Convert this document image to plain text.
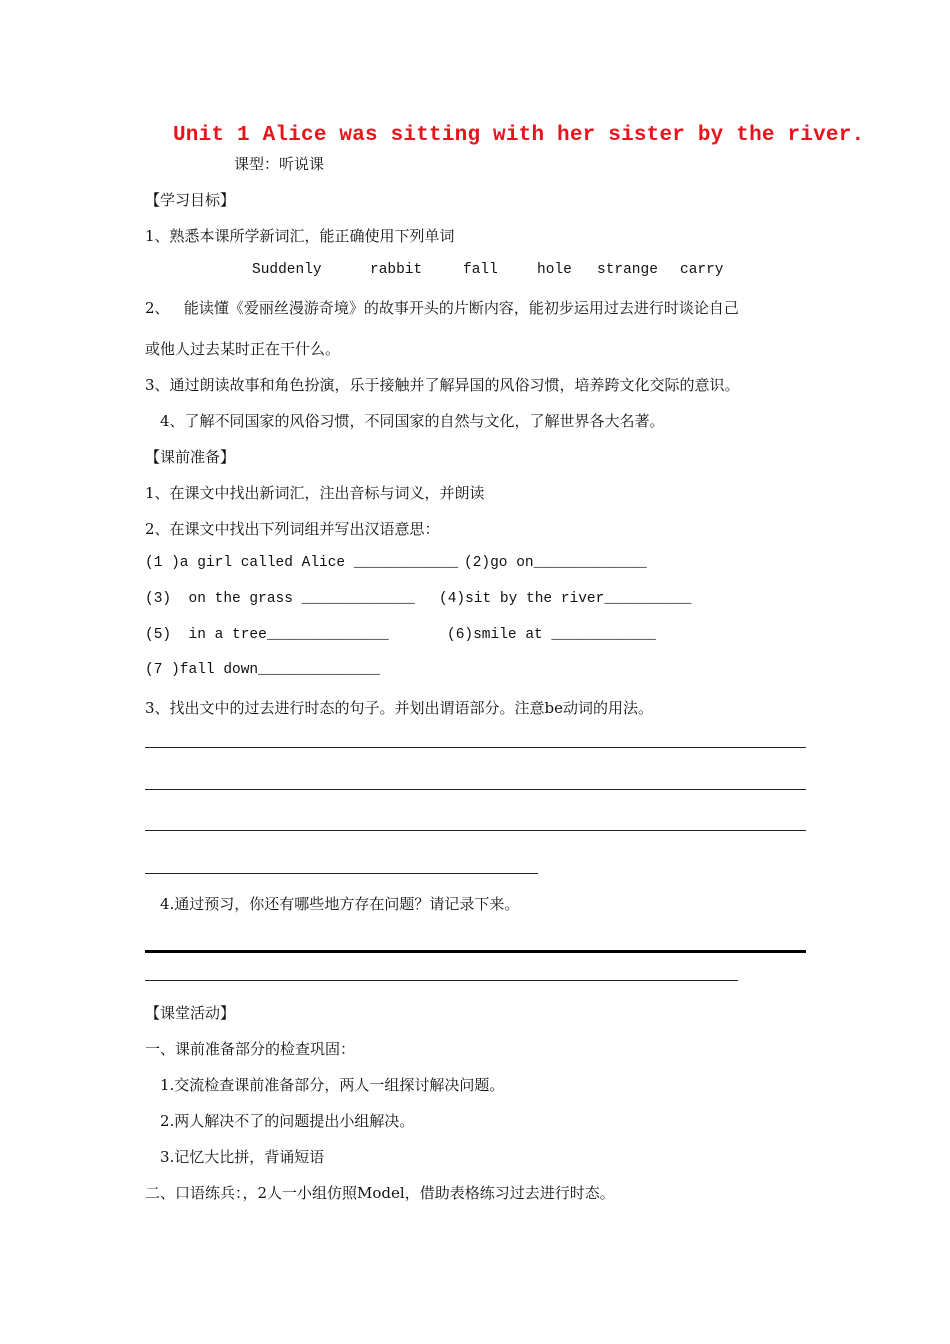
Unit 1 Alice was sitting with her sister by the river.
课型：听说课
【学习目标】
1、熟悉本课所学新词汇，能正确使用下列单词
Suddenly	rabbit	fall	hole strange carry
2、   能读懂《爱丽丝漫游奇境》的故事开头的片断内容，能初步运用过去进行时谈论自己
或他人过去某时正在干什么。
3、通过朗读故事和角色扮演，乐于接触并了解异国的风俗习惯，培养跨文化交际的意识。
4、了解不同国家的风俗习惯，不同国家的自然与文化，了解世界各大名著。
【课前准备】
1、在课文中找出新词汇，注出音标与词义，并朗读
2、在课文中找出下列词组并写出汉语意思：
(1 )a girl called Alice ____________ (2)go on_____________
(3)  on the grass _____________ (4)sit by the river__________
(5)  in a tree______________	(6)smile at ____________
(7 )fall down______________
3、找出文中的过去进行时态的句子。并划出谓语部分。注意be动词的用法。
4.通过预习，你还有哪些地方存在问题？请记录下来。
【课堂活动】
一、课前准备部分的检查巩固：
1.交流检查课前准备部分，两人一组探讨解决问题。
2.两人解决不了的问题提出小组解决。
3.记忆大比拼，背诵短语
二、口语练兵：，2人一小组仿照Model，借助表格练习过去进行时态。
